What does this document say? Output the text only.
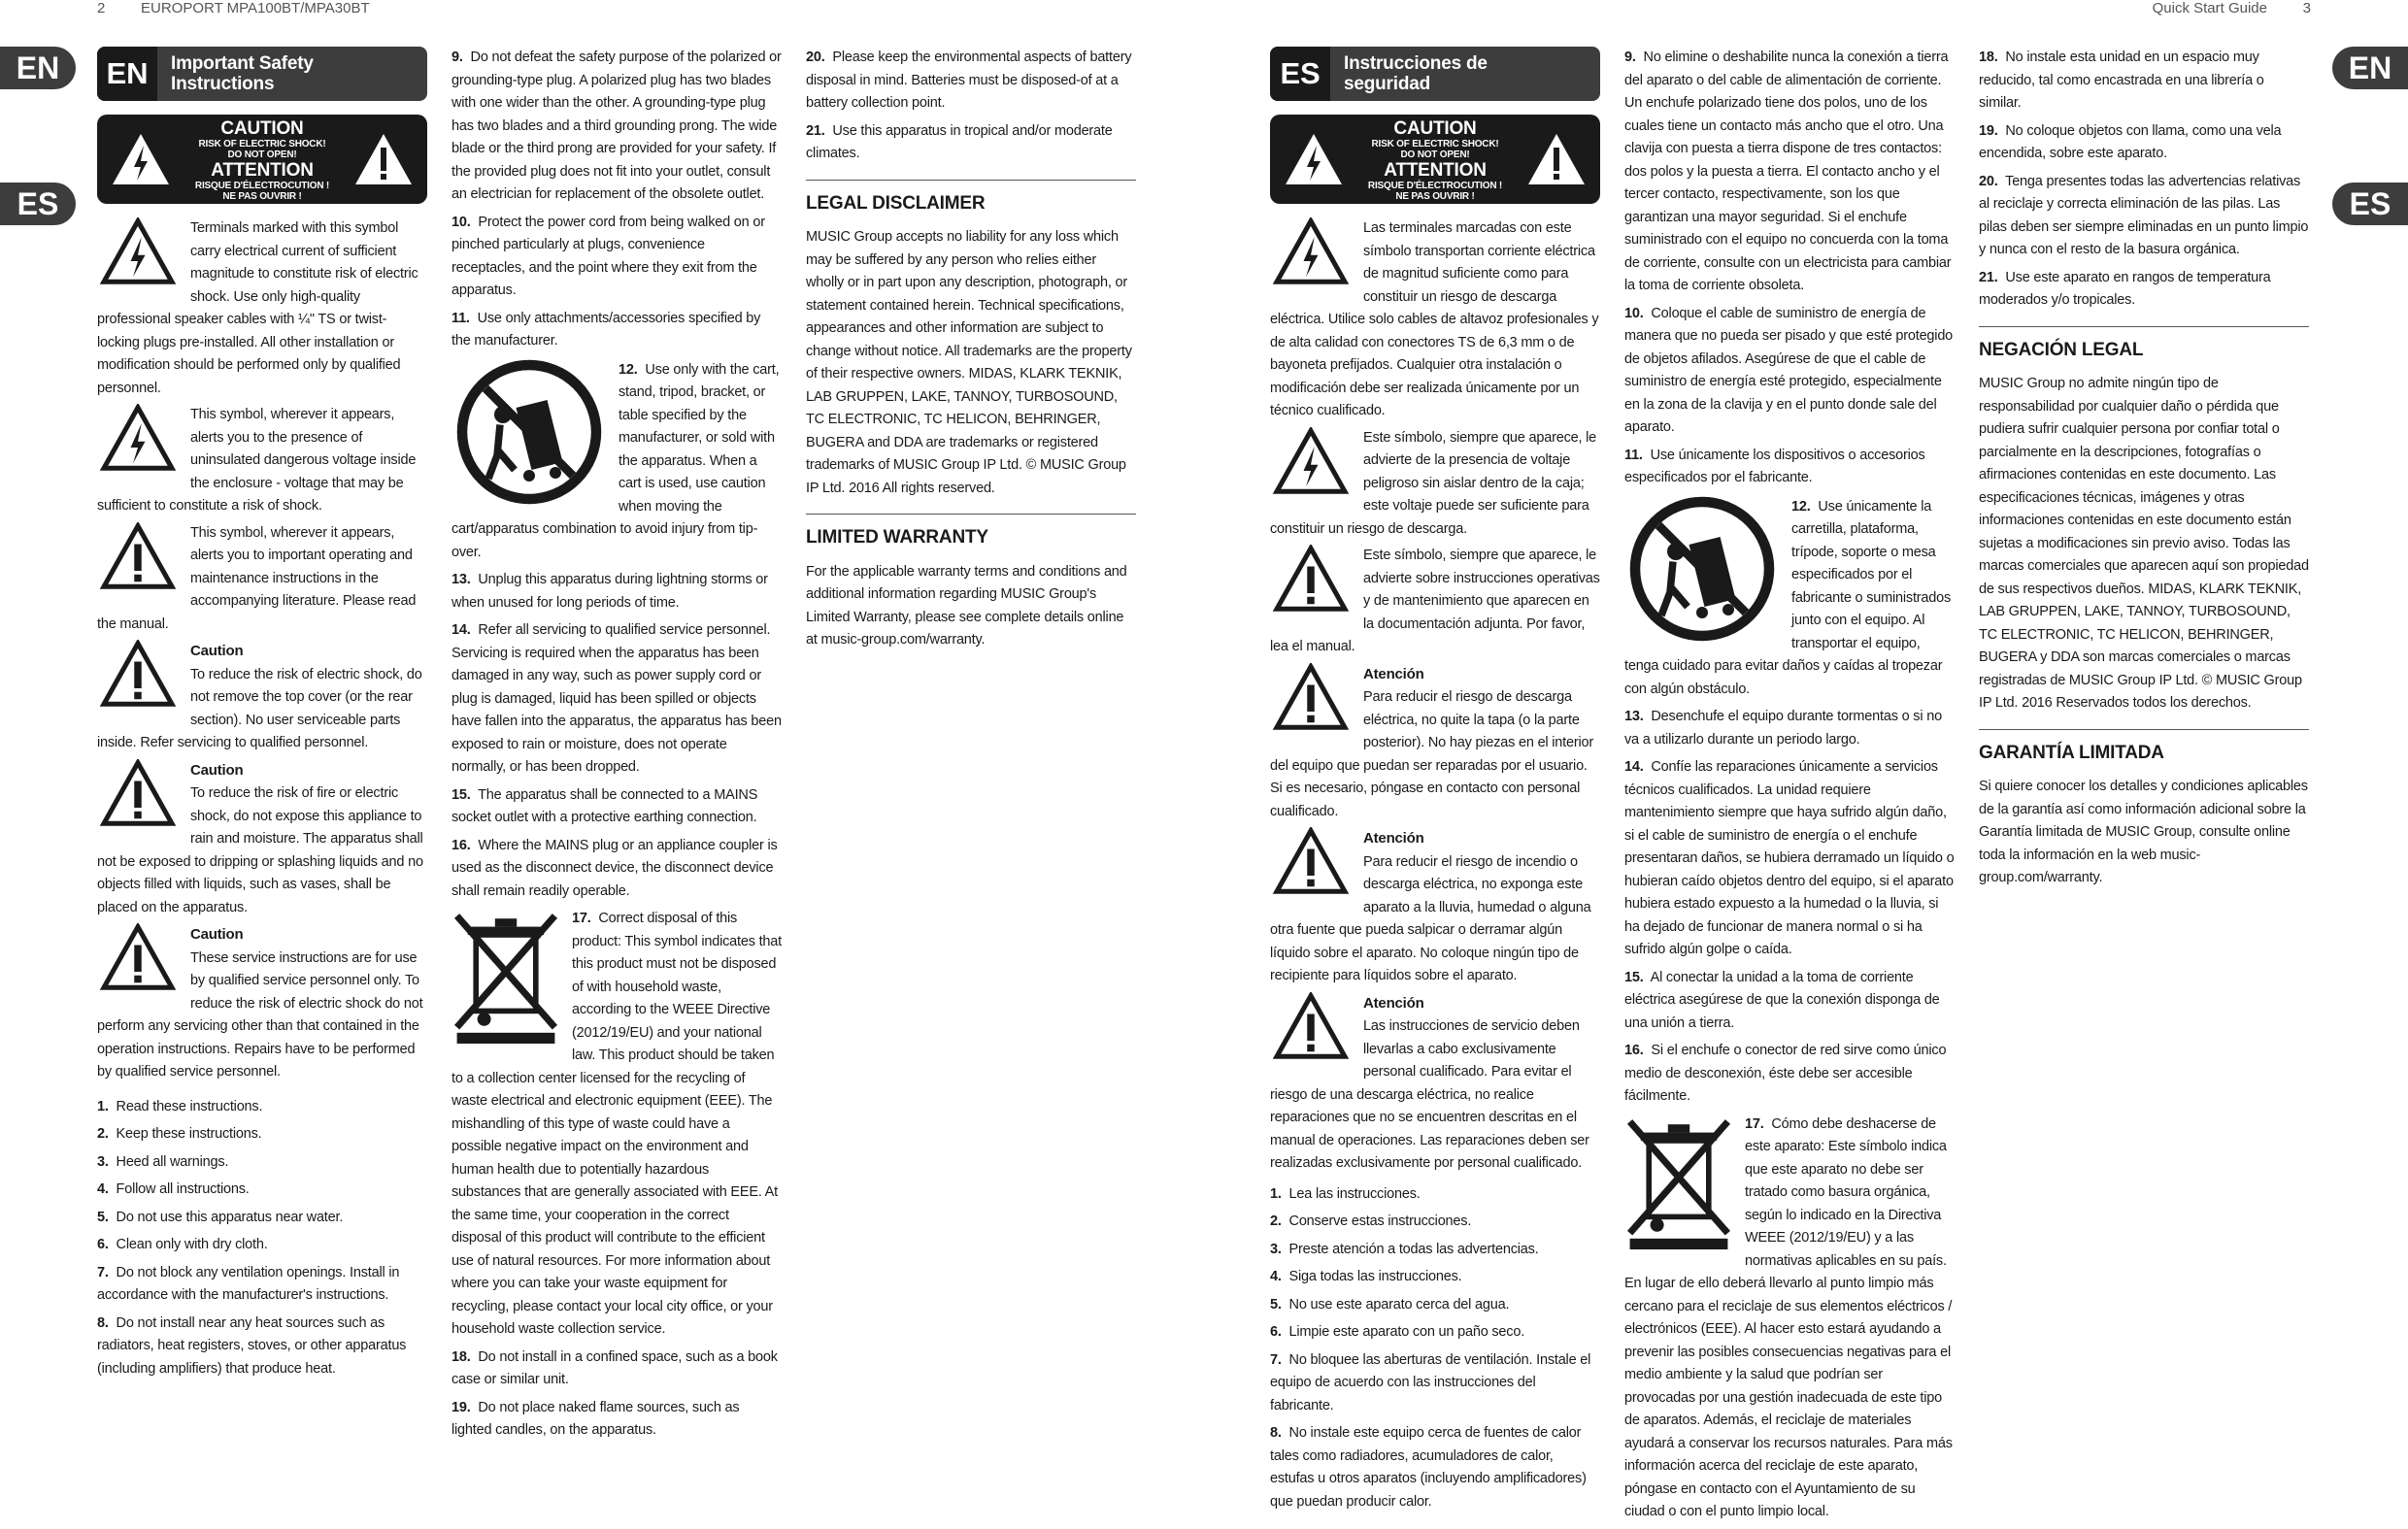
2 EUROPORT MPA100BT/MPA30BT
EN
ES
EN	Important Safety
Instructions
CAUTION
RISK OF ELECTRIC SHOCK!
DO NOT OPEN!
ATTENTION
RISQUE D'ÉLECTROCUTION !
NE PAS OUVRIR !

Terminals marked with this symbol carry electrical current of sufficient magnitude to constitute risk of electric shock. Use only high-quality professional speaker cables with ¼" TS or twist-locking plugs pre-installed. All other installation or modification should be performed only by qualified personnel.

This symbol, wherever it appears, alerts you to the presence of uninsulated dangerous voltage inside the enclosure - voltage that may be sufficient to constitute a risk of shock.

This symbol, wherever it appears, alerts you to important operating and maintenance instructions in the accompanying literature. Please read the manual.

Caution
To reduce the risk of electric shock, do not remove the top cover (or the rear section). No user serviceable parts inside. Refer servicing to qualified personnel.

Caution
To reduce the risk of fire or electric shock, do not expose this appliance to rain and moisture. The apparatus shall not be exposed to dripping or splashing liquids and no objects filled with liquids, such as vases, shall be placed on the apparatus.

Caution
These service instructions are for use by qualified service personnel only. To reduce the risk of electric shock do not perform any servicing other than that contained in the operation instructions. Repairs have to be performed by qualified service personnel.

1. Read these instructions.
2. Keep these instructions.
3. Heed all warnings.
4. Follow all instructions.
5. Do not use this apparatus near water.
6. Clean only with dry cloth.
7. Do not block any ventilation openings. Install in accordance with the manufacturer's instructions.
8. Do not install near any heat sources such as radiators, heat registers, stoves, or other apparatus (including amplifiers) that produce heat.
9. Do not defeat the safety purpose of the polarized or grounding-type plug. A polarized plug has two blades with one wider than the other. A grounding-type plug has two blades and a third grounding prong. The wide blade or the third prong are provided for your safety. If the provided plug does not fit into your outlet, consult an electrician for replacement of the obsolete outlet.
10. Protect the power cord from being walked on or pinched particularly at plugs, convenience receptacles, and the point where they exit from the apparatus.
11. Use only attachments/accessories specified by the manufacturer.
12. Use only with the cart, stand, tripod, bracket, or table specified by the manufacturer, or sold with the apparatus. When a cart is used, use caution when moving the cart/apparatus combination to avoid injury from tip-over.
13. Unplug this apparatus during lightning storms or when unused for long periods of time.
14. Refer all servicing to qualified service personnel. Servicing is required when the apparatus has been damaged in any way, such as power supply cord or plug is damaged, liquid has been spilled or objects have fallen into the apparatus, the apparatus has been exposed to rain or moisture, does not operate normally, or has been dropped.
15. The apparatus shall be connected to a MAINS socket outlet with a protective earthing connection.
16. Where the MAINS plug or an appliance coupler is used as the disconnect device, the disconnect device shall remain readily operable.
17. Correct disposal of this product: This symbol indicates that this product must not be disposed of with household waste, according to the WEEE Directive (2012/19/EU) and your national law. This product should be taken to a collection center licensed for the recycling of waste electrical and electronic equipment (EEE). The mishandling of this type of waste could have a possible negative impact on the environment and human health due to potentially hazardous substances that are generally associated with EEE. At the same time, your cooperation in the correct disposal of this product will contribute to the efficient use of natural resources. For more information about where you can take your waste equipment for recycling, please contact your local city office, or your household waste collection service.
18. Do not install in a confined space, such as a book case or similar unit.
19. Do not place naked flame sources, such as lighted candles, on the apparatus.
20. Please keep the environmental aspects of battery disposal in mind. Batteries must be disposed-of at a battery collection point.
21. Use this apparatus in tropical and/or moderate climates.
LEGAL DISCLAIMER

MUSIC Group accepts no liability for any loss which may be suffered by any person who relies either wholly or in part upon any description, photograph, or statement contained herein. Technical specifications, appearances and other information are subject to change without notice. All trademarks are the property of their respective owners. MIDAS, KLARK TEKNIK, LAB GRUPPEN, LAKE, TANNOY, TURBOSOUND, TC ELECTRONIC, TC HELICON, BEHRINGER, BUGERA and DDA are trademarks or registered trademarks of MUSIC Group IP Ltd. © MUSIC Group IP Ltd. 2016 All rights reserved.

LIMITED WARRANTY

For the applicable warranty terms and conditions and additional information regarding MUSIC Group's Limited Warranty, please see complete details online at music-group.com/warranty.

Quick Start Guide 3
EN
ES
ES	Instrucciones de
seguridad
CAUTION
RISK OF ELECTRIC SHOCK!
DO NOT OPEN!
ATTENTION
RISQUE D'ÉLECTROCUTION !
NE PAS OUVRIR !

Las terminales marcadas con este símbolo transportan corriente eléctrica de magnitud suficiente como para constituir un riesgo de descarga eléctrica. Utilice solo cables de altavoz profesionales y de alta calidad con conectores TS de 6,3 mm o de bayoneta prefijados. Cualquier otra instalación o modificación debe ser realizada únicamente por un técnico cualificado.

Este símbolo, siempre que aparece, le advierte de la presencia de voltaje peligroso sin aislar dentro de la caja; este voltaje puede ser suficiente para constituir un riesgo de descarga.

Este símbolo, siempre que aparece, le advierte sobre instrucciones operativas y de mantenimiento que aparecen en la documentación adjunta. Por favor, lea el manual.

Atención
Para reducir el riesgo de descarga eléctrica, no quite la tapa (o la parte posterior). No hay piezas en el interior del equipo que puedan ser reparadas por el usuario. Si es necesario, póngase en contacto con personal cualificado.

Atención
Para reducir el riesgo de incendio o descarga eléctrica, no exponga este aparato a la lluvia, humedad o alguna otra fuente que pueda salpicar o derramar algún líquido sobre el aparato. No coloque ningún tipo de recipiente para líquidos sobre el aparato.

Atención
Las instrucciones de servicio deben llevarlas a cabo exclusivamente personal cualificado. Para evitar el riesgo de una descarga eléctrica, no realice reparaciones que no se encuentren descritas en el manual de operaciones. Las reparaciones deben ser realizadas exclusivamente por personal cualificado.

1. Lea las instrucciones.
2. Conserve estas instrucciones.
3. Preste atención a todas las advertencias.
4. Siga todas las instrucciones.
5. No use este aparato cerca del agua.
6. Limpie este aparato con un paño seco.
7. No bloquee las aberturas de ventilación. Instale el equipo de acuerdo con las instrucciones del fabricante.
8. No instale este equipo cerca de fuentes de calor tales como radiadores, acumuladores de calor, estufas u otros aparatos (incluyendo amplificadores) que puedan producir calor.
9. No elimine o deshabilite nunca la conexión a tierra del aparato o del cable de alimentación de corriente. Un enchufe polarizado tiene dos polos, uno de los cuales tiene un contacto más ancho que el otro. Una clavija con puesta a tierra dispone de tres contactos: dos polos y la puesta a tierra. El contacto ancho y el tercer contacto, respectivamente, son los que garantizan una mayor seguridad. Si el enchufe suministrado con el equipo no concuerda con la toma de corriente, consulte con un electricista para cambiar la toma de corriente obsoleta.
10. Coloque el cable de suministro de energía de manera que no pueda ser pisado y que esté protegido de objetos afilados. Asegúrese de que el cable de suministro de energía esté protegido, especialmente en la zona de la clavija y en el punto donde sale del aparato.
11. Use únicamente los dispositivos o accesorios especificados por el fabricante.
12. Use únicamente la carretilla, plataforma, trípode, soporte o mesa especificados por el fabricante o suministrados junto con el equipo. Al transportar el equipo, tenga cuidado para evitar daños y caídas al tropezar con algún obstáculo.
13. Desenchufe el equipo durante tormentas o si no va a utilizarlo durante un periodo largo.
14. Confíe las reparaciones únicamente a servicios técnicos cualificados. La unidad requiere mantenimiento siempre que haya sufrido algún daño, si el cable de suministro de energía o el enchufe presentaran daños, se hubiera derramado un líquido o hubieran caído objetos dentro del equipo, si el aparato hubiera estado expuesto a la humedad o la lluvia, si ha dejado de funcionar de manera normal o si ha sufrido algún golpe o caída.
15. Al conectar la unidad a la toma de corriente eléctrica asegúrese de que la conexión disponga de una unión a tierra.
16. Si el enchufe o conector de red sirve como único medio de desconexión, éste debe ser accesible fácilmente.
17. Cómo debe deshacerse de este aparato: Este símbolo indica que este aparato no debe ser tratado como basura orgánica, según lo indicado en la Directiva WEEE (2012/19/EU) y a las normativas aplicables en su país. En lugar de ello deberá llevarlo al punto limpio más cercano para el reciclaje de sus elementos eléctricos / electrónicos (EEE). Al hacer esto estará ayudando a prevenir las posibles consecuencias negativas para el medio ambiente y la salud que podrían ser provocadas por una gestión inadecuada de este tipo de aparatos. Además, el reciclaje de materiales ayudará a conservar los recursos naturales. Para más información acerca del reciclaje de este aparato, póngase en contacto con el Ayuntamiento de su ciudad o con el punto limpio local.
18. No instale esta unidad en un espacio muy reducido, tal como encastrada en una librería o similar.
19. No coloque objetos con llama, como una vela encendida, sobre este aparato.
20. Tenga presentes todas las advertencias relativas al reciclaje y correcta eliminación de las pilas. Las pilas deben ser siempre eliminadas en un punto limpio y nunca con el resto de la basura orgánica.
21. Use este aparato en rangos de temperatura moderados y/o tropicales.
NEGACIÓN LEGAL

MUSIC Group no admite ningún tipo de responsabilidad por cualquier daño o pérdida que pudiera sufrir cualquier persona por confiar total o parcialmente en la descripciones, fotografías o afirmaciones contenidas en este documento. Las especificaciones técnicas, imágenes y otras informaciones contenidas en este documento están sujetas a modificaciones sin previo aviso. Todas las marcas comerciales que aparecen aquí son propiedad de sus respectivos dueños. MIDAS, KLARK TEKNIK, LAB GRUPPEN, LAKE, TANNOY, TURBOSOUND, TC ELECTRONIC, TC HELICON, BEHRINGER, BUGERA y DDA son marcas comerciales o marcas registradas de MUSIC Group IP Ltd. © MUSIC Group IP Ltd. 2016 Reservados todos los derechos.

GARANTÍA LIMITADA

Si quiere conocer los detalles y condiciones aplicables de la garantía así como información adicional sobre la Garantía limitada de MUSIC Group, consulte online toda la información en la web music-group.com/warranty.
